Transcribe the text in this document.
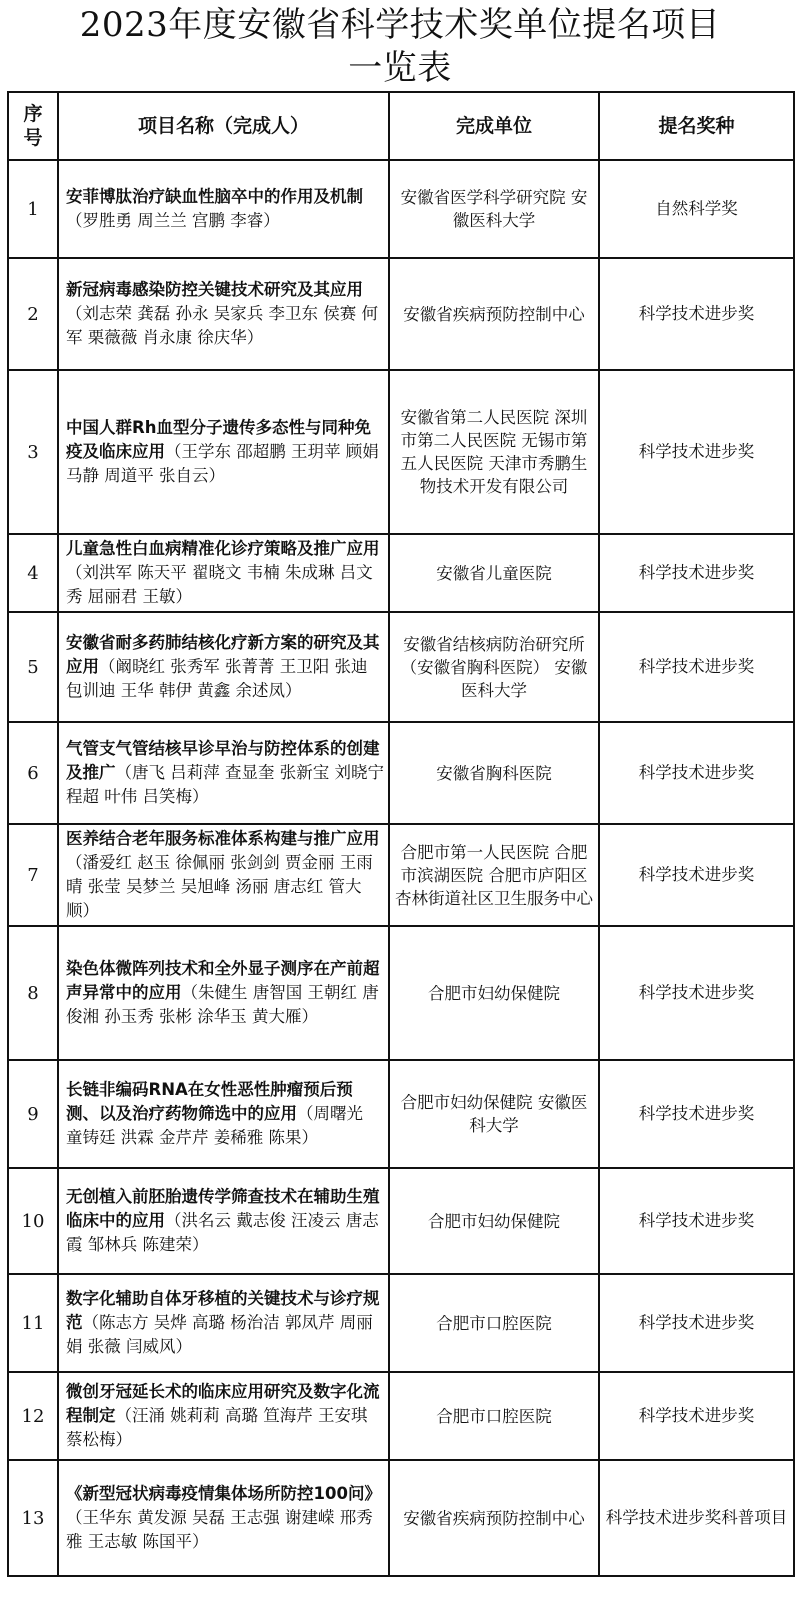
2023年度安徽省科学技术奖单位提名项目
一览表
序号	项目名称（完成人）	完成单位	提名奖种
1	安菲博肽治疗缺血性脑卒中的作用及机制（罗胜勇 周兰兰 宫鹏 李睿）	安徽省医学科学研究院 安徽医科大学	自然科学奖
2	新冠病毒感染防控关键技术研究及其应用（刘志荣 龚磊 孙永 吴家兵 李卫东 侯赛 何军 栗薇薇 肖永康 徐庆华）	安徽省疾病预防控制中心	科学技术进步奖
3	中国人群Rh血型分子遗传多态性与同种免疫及临床应用（王学东 邵超鹏 王玥苹 顾娟 马静 周道平 张自云）	安徽省第二人民医院 深圳市第二人民医院 无锡市第五人民医院 天津市秀鹏生物技术开发有限公司	科学技术进步奖
4	儿童急性白血病精准化诊疗策略及推广应用（刘洪军 陈天平 翟晓文 韦楠 朱成琳 吕文秀 屈丽君 王敏）	安徽省儿童医院	科学技术进步奖
5	安徽省耐多药肺结核化疗新方案的研究及其应用（阚晓红 张秀军 张菁菁 王卫阳 张迪 包训迪 王华 韩伊 黄鑫 余述凤）	安徽省结核病防治研究所（安徽省胸科医院） 安徽医科大学	科学技术进步奖
6	气管支气管结核早诊早治与防控体系的创建及推广（唐飞 吕莉萍 查显奎 张新宝 刘晓宁 程超 叶伟 吕笑梅）	安徽省胸科医院	科学技术进步奖
7	医养结合老年服务标准体系构建与推广应用（潘爱红 赵玉 徐佩丽 张剑剑 贾金丽 王雨晴 张莹 吴梦兰 吴旭峰 汤丽 唐志红 管大顺）	合肥市第一人民医院 合肥市滨湖医院 合肥市庐阳区杏林街道社区卫生服务中心	科学技术进步奖
8	染色体微阵列技术和全外显子测序在产前超声异常中的应用（朱健生 唐智国 王朝红 唐俊湘 孙玉秀 张彬 涂华玉 黄大雁）	合肥市妇幼保健院	科学技术进步奖
9	长链非编码RNA在女性恶性肿瘤预后预测、以及治疗药物筛选中的应用（周曙光 童铸廷 洪霖 金芹芹 姜稀雅 陈果）	合肥市妇幼保健院 安徽医科大学	科学技术进步奖
10	无创植入前胚胎遗传学筛查技术在辅助生殖临床中的应用（洪名云 戴志俊 汪凌云 唐志霞 邹林兵 陈建荣）	合肥市妇幼保健院	科学技术进步奖
11	数字化辅助自体牙移植的关键技术与诊疗规范（陈志方 吴烨 高璐 杨治洁 郭凤芹 周丽娟 张薇 闫威风）	合肥市口腔医院	科学技术进步奖
12	微创牙冠延长术的临床应用研究及数字化流程制定（汪涌 姚莉莉 高璐 笪海芹 王安琪 蔡松梅）	合肥市口腔医院	科学技术进步奖
13	《新型冠状病毒疫情集体场所防控100问》（王华东 黄发源 吴磊 王志强 谢建嵘 邢秀雅 王志敏 陈国平）	安徽省疾病预防控制中心	科学技术进步奖科普项目
